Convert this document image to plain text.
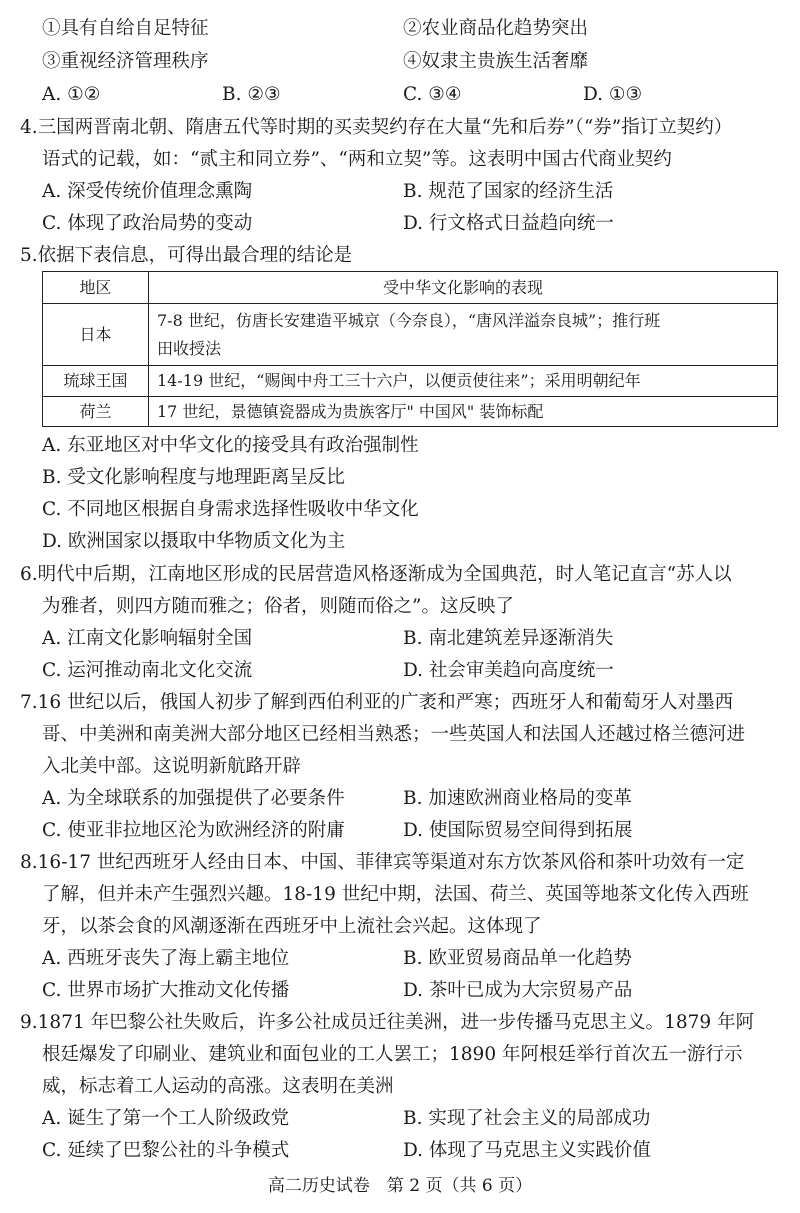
①具有自给自足特征	②农业商品化趋势突出
③重视经济管理秩序	④奴隶主贵族生活奢靡
A. ①②	B. ②③	C. ③④	D. ①③
4.三国两晋南北朝、隋唐五代等时期的买卖契约存在大量“先和后券”（“券”指订立契约）
语式的记载，如：“贰主和同立券”、“两和立契”等。这表明中国古代商业契约
A. 深受传统价值理念熏陶	B. 规范了国家的经济生活
C. 体现了政治局势的变动	D. 行文格式日益趋向统一
5.依据下表信息，可得出最合理的结论是
地区	受中华文化影响的表现
日本	7-8 世纪，仿唐长安建造平城京（今奈良），“唐风洋溢奈良城”；推行班
田收授法
琉球王国	14-19 世纪，“赐闽中舟工三十六户，以便贡使往来”；采用明朝纪年
荷兰	17 世纪，景德镇瓷器成为贵族客厅" 中国风" 装饰标配
A. 东亚地区对中华文化的接受具有政治强制性
B. 受文化影响程度与地理距离呈反比
C. 不同地区根据自身需求选择性吸收中华文化
D. 欧洲国家以摄取中华物质文化为主
6.明代中后期，江南地区形成的民居营造风格逐渐成为全国典范，时人笔记直言“苏人以
为雅者，则四方随而雅之；俗者，则随而俗之”。这反映了
A. 江南文化影响辐射全国	B. 南北建筑差异逐渐消失
C. 运河推动南北文化交流	D. 社会审美趋向高度统一
7.16 世纪以后，俄国人初步了解到西伯利亚的广袤和严寒；西班牙人和葡萄牙人对墨西
哥、中美洲和南美洲大部分地区已经相当熟悉；一些英国人和法国人还越过格兰德河进
入北美中部。这说明新航路开辟
A. 为全球联系的加强提供了必要条件	B. 加速欧洲商业格局的变革
C. 使亚非拉地区沦为欧洲经济的附庸	D. 使国际贸易空间得到拓展
8.16-17 世纪西班牙人经由日本、中国、菲律宾等渠道对东方饮茶风俗和茶叶功效有一定
了解，但并未产生强烈兴趣。18-19 世纪中期，法国、荷兰、英国等地茶文化传入西班
牙，以茶会食的风潮逐渐在西班牙中上流社会兴起。这体现了
A. 西班牙丧失了海上霸主地位	B. 欧亚贸易商品单一化趋势
C. 世界市场扩大推动文化传播	D. 茶叶已成为大宗贸易产品
9.1871 年巴黎公社失败后，许多公社成员迁往美洲，进一步传播马克思主义。1879 年阿
根廷爆发了印刷业、建筑业和面包业的工人罢工；1890 年阿根廷举行首次五一游行示
威，标志着工人运动的高涨。这表明在美洲
A. 诞生了第一个工人阶级政党	B. 实现了社会主义的局部成功
C. 延续了巴黎公社的斗争模式	D. 体现了马克思主义实践价值
高二历史试卷　第 2 页（共 6 页）
